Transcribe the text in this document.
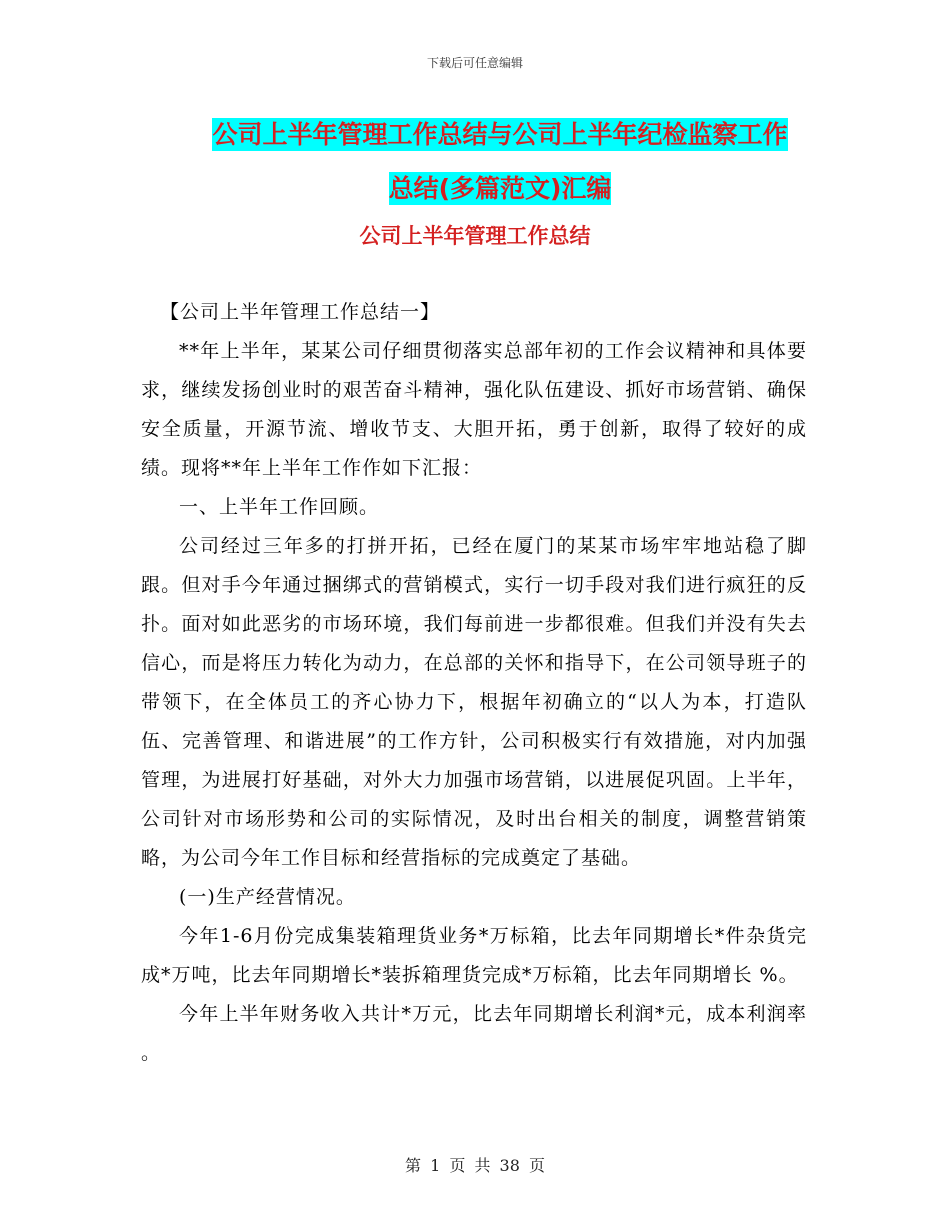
下载后可任意编辑
公司上半年管理工作总结与公司上半年纪检监察工作
总结(多篇范文)汇编
公司上半年管理工作总结

【公司上半年管理工作总结一】

**年上半年，某某公司仔细贯彻落实总部年初的工作会议精神和具体要求，继续发扬创业时的艰苦奋斗精神，强化队伍建设、抓好市场营销、确保安全质量，开源节流、增收节支、大胆开拓，勇于创新，取得了较好的成绩。现将**年上半年工作作如下汇报：

一、上半年工作回顾。

公司经过三年多的打拼开拓，已经在厦门的某某市场牢牢地站稳了脚跟。但对手今年通过捆绑式的营销模式，实行一切手段对我们进行疯狂的反扑。面对如此恶劣的市场环境，我们每前进一步都很难。但我们并没有失去信心，而是将压力转化为动力，在总部的关怀和指导下，在公司领导班子的带领下，在全体员工的齐心协力下，根据年初确立的“以人为本，打造队伍、完善管理、和谐进展”的工作方针，公司积极实行有效措施，对内加强管理，为进展打好基础，对外大力加强市场营销，以进展促巩固。上半年，公司针对市场形势和公司的实际情况，及时出台相关的制度，调整营销策略，为公司今年工作目标和经营指标的完成奠定了基础。

(一)生产经营情况。

今年1-6月份完成集装箱理货业务*万标箱，比去年同期增长*件杂货完成*万吨，比去年同期增长*装拆箱理货完成*万标箱，比去年同期增长 %。

今年上半年财务收入共计*万元，比去年同期增长利润*元，成本利润率 。

第 1 页 共 38 页
